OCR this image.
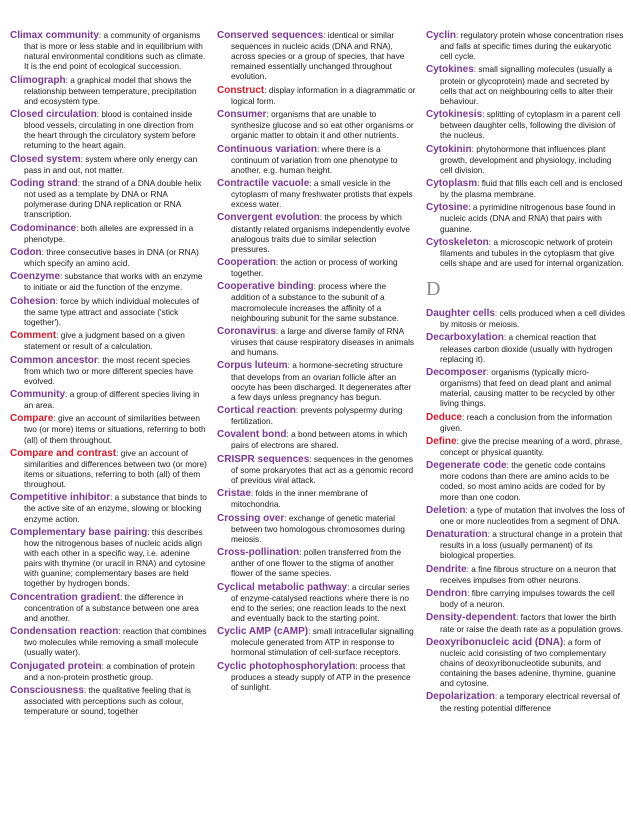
Climax community: a community of organisms that is more or less stable and in equilibrium with natural environmental conditions such as climate. It is the end point of ecological succession.

Climograph: a graphical model that shows the relationship between temperature, precipitation and ecosystem type.

Closed circulation: blood is contained inside blood vessels, circulating in one direction from the heart through the circulatory system before returning to the heart again.

Closed system: system where only energy can pass in and out, not matter.

Coding strand: the strand of a DNA double helix not used as a template by DNA or RNA polymerase during DNA replication or RNA transcription.

Codominance: both alleles are expressed in a phenotype.

Codon: three consecutive bases in DNA (or RNA) which specify an amino acid.

Coenzyme: substance that works with an enzyme to initiate or aid the function of the enzyme.

Cohesion: force by which individual molecules of the same type attract and associate ('stick together').

Comment: give a judgment based on a given statement or result of a calculation.

Common ancestor: the most recent species from which two or more different species have evolved.

Community: a group of different species living in an area.

Compare: give an account of similarities between two (or more) items or situations, referring to both (all) of them throughout.

Compare and contrast: give an account of similarities and differences between two (or more) items or situations, referring to both (all) of them throughout.

Competitive inhibitor: a substance that binds to the active site of an enzyme, slowing or blocking enzyme action.

Complementary base pairing: this describes how the nitrogenous bases of nucleic acids align with each other in a specific way, i.e. adenine pairs with thymine (or uracil in RNA) and cytosine with guanine; complementary bases are held together by hydrogen bonds.

Concentration gradient: the difference in concentration of a substance between one area and another.

Condensation reaction: reaction that combines two molecules while removing a small molecule (usually water).

Conjugated protein: a combination of protein and a non-protein prosthetic group.

Consciousness: the qualitative feeling that is associated with perceptions such as colour, temperature or sound, together

Conserved sequences: identical or similar sequences in nucleic acids (DNA and RNA), across species or a group of species, that have remained essentially unchanged throughout evolution.

Construct: display information in a diagrammatic or logical form.

Consumer: organisms that are unable to synthesize glucose and so eat other organisms or organic matter to obtain it and other nutrients.

Continuous variation: where there is a continuum of variation from one phenotype to another, e.g. human height.

Contractile vacuole: a small vesicle in the cytoplasm of many freshwater protists that expels excess water.

Convergent evolution: the process by which distantly related organisms independently evolve analogous traits due to similar selection pressures.

Cooperation: the action or process of working together.

Cooperative binding: process where the addition of a substance to the subunit of a macromolecule increases the affinity of a neighbouring subunit for the same substance.

Coronavirus: a large and diverse family of RNA viruses that cause respiratory diseases in animals and humans.

Corpus luteum: a hormone-secreting structure that develops from an ovarian follicle after an oocyte has been discharged. It degenerates after a few days unless pregnancy has begun.

Cortical reaction: prevents polyspermy during fertilization.

Covalent bond: a bond between atoms in which pairs of electrons are shared.

CRISPR sequences: sequences in the genomes of some prokaryotes that act as a genomic record of previous viral attack.

Cristae: folds in the inner membrane of mitochondria.

Crossing over: exchange of genetic material between two homologous chromosomes during meiosis.

Cross-pollination: pollen transferred from the anther of one flower to the stigma of another flower of the same species.

Cyclical metabolic pathway: a circular series of enzyme-catalysed reactions where there is no end to the series; one reaction leads to the next and eventually back to the starting point.

Cyclic AMP (cAMP): small intracellular signalling molecule generated from ATP in response to hormonal stimulation of cell-surface receptors.

Cyclic photophosphorylation: process that produces a steady supply of ATP in the presence of sunlight.

Cyclin: regulatory protein whose concentration rises and falls at specific times during the eukaryotic cell cycle.

Cytokines: small signalling molecules (usually a protein or glycoprotein) made and secreted by cells that act on neighbouring cells to alter their behaviour.

Cytokinesis: splitting of cytoplasm in a parent cell between daughter cells, following the division of the nucleus.

Cytokinin: phytohormone that influences plant growth, development and physiology, including cell division.

Cytoplasm: fluid that fills each cell and is enclosed by the plasma membrane.

Cytosine: a pyrimidine nitrogenous base found in nucleic acids (DNA and RNA) that pairs with guanine.

Cytoskeleton: a microscopic network of protein filaments and tubules in the cytoplasm that give cells shape and are used for internal organization.

D

Daughter cells: cells produced when a cell divides by mitosis or meiosis.

Decarboxylation: a chemical reaction that releases carbon dioxide (usually with hydrogen replacing it).

Decomposer: organisms (typically micro-organisms) that feed on dead plant and animal material, causing matter to be recycled by other living things.

Deduce: reach a conclusion from the information given.

Define: give the precise meaning of a word, phrase, concept or physical quantity.

Degenerate code: the genetic code contains more codons than there are amino acids to be coded, so most amino acids are coded for by more than one codon.

Deletion: a type of mutation that involves the loss of one or more nucleotides from a segment of DNA.

Denaturation: a structural change in a protein that results in a loss (usually permanent) of its biological properties.

Dendrite: a fine fibrous structure on a neuron that receives impulses from other neurons.

Dendron: fibre carrying impulses towards the cell body of a neuron.

Density-dependent: factors that lower the birth rate or raise the death rate as a population grows.

Deoxyribonucleic acid (DNA): a form of nucleic acid consisting of two complementary chains of deoxyribonucleotide subunits, and containing the bases adenine, thymine, guanine and cytosine.

Depolarization: a temporary electrical reversal of the resting potential difference
